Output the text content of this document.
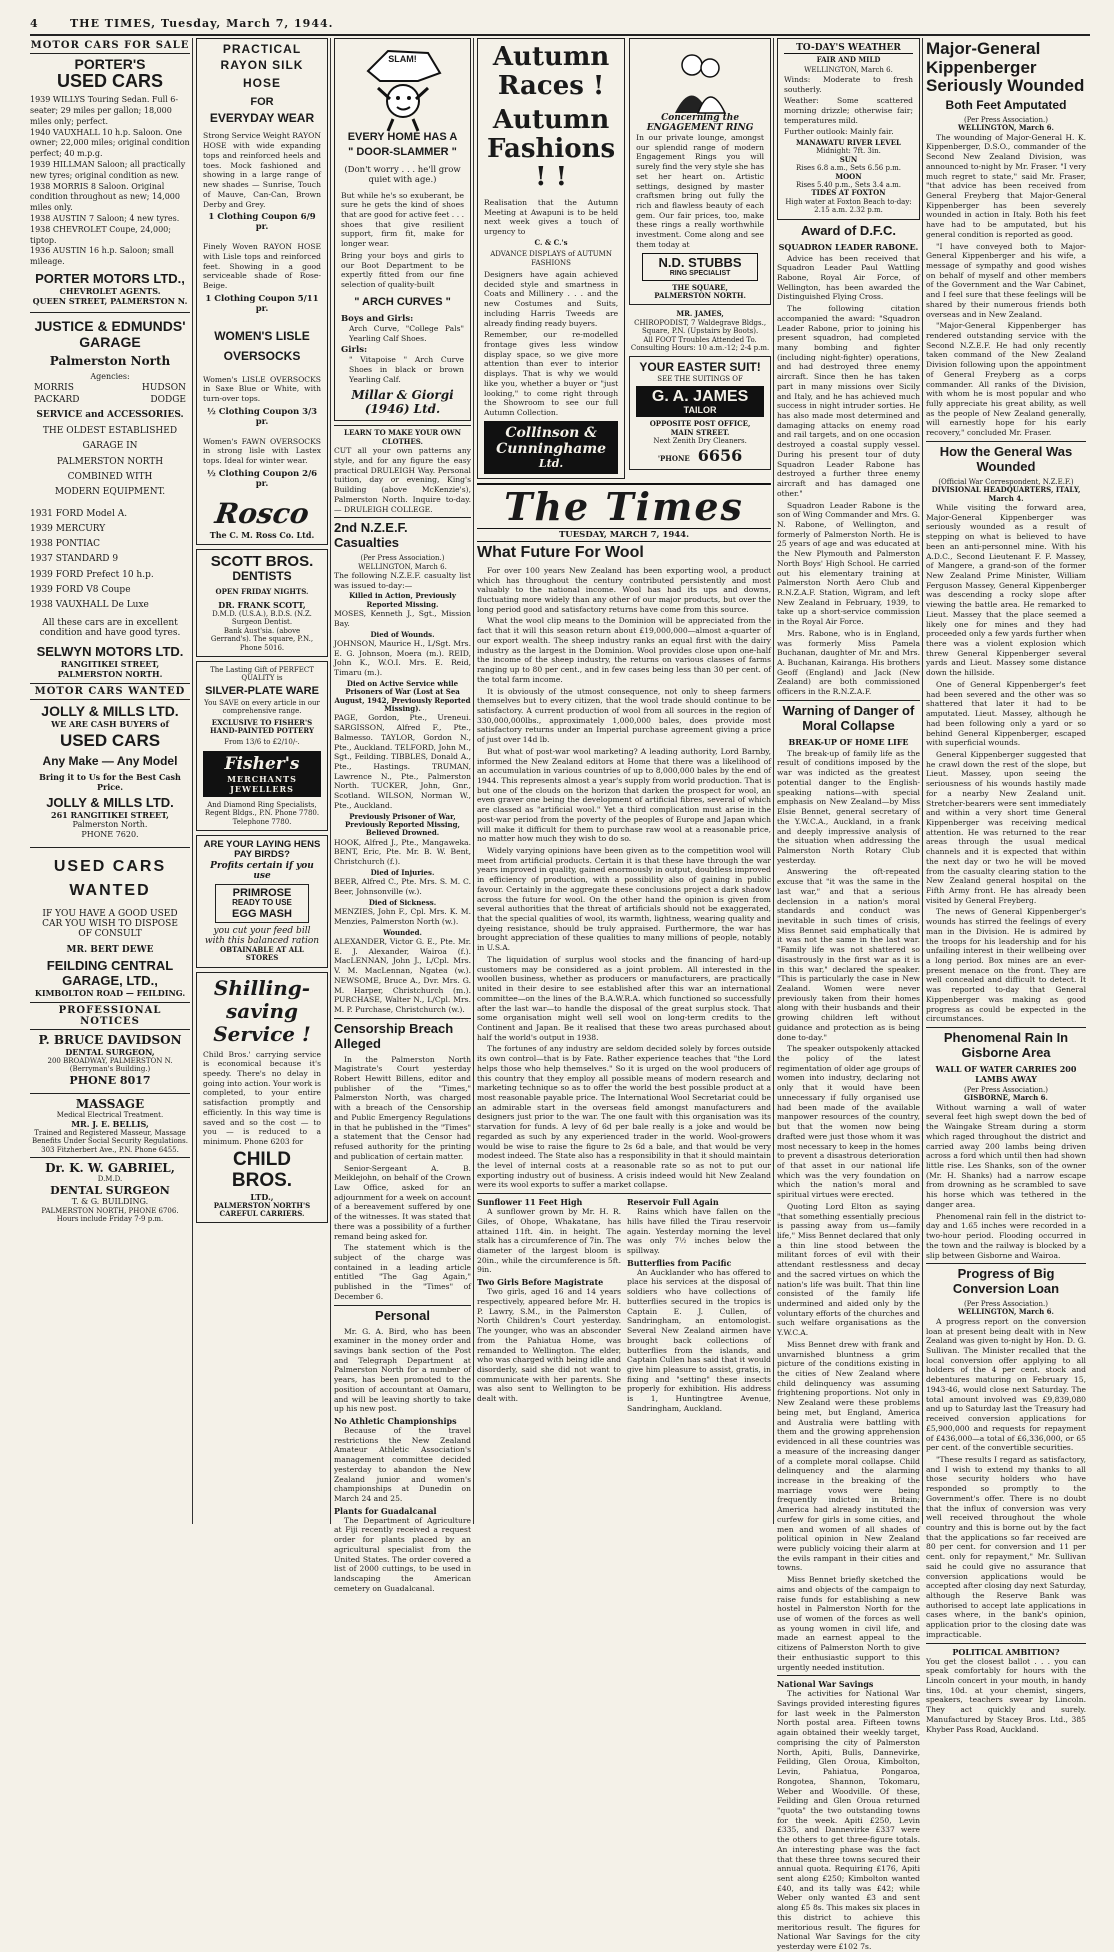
4	THE TIMES, Tuesday, March 7, 1944.
MOTOR CARS FOR SALE
PORTER'S
USED CARS
1939 WILLYS Touring Sedan. Full 6-seater; 29 miles per gallon; 18,000 miles only; perfect.
1940 VAUXHALL 10 h.p. Saloon. One owner; 22,000 miles; original condition perfect; 40 m.p.g.
1939 HILLMAN Saloon; all practically new tyres; original condition as new.
1938 MORRIS 8 Saloon. Original condition throughout as new; 14,000 miles only.
1938 AUSTIN 7 Saloon; 4 new tyres.
1938 CHEVROLET Coupe, 24,000; tiptop.
1936 AUSTIN 16 h.p. Saloon; small mileage.
PORTER MOTORS LTD.,
CHEVROLET AGENTS.
QUEEN STREET, PALMERSTON N.
JUSTICE & EDMUNDS' GARAGE
Palmerston North
Agencies:
MORRIS	HUDSON
PACKARD	DODGE
SERVICE and ACCESSORIES.
THE OLDEST ESTABLISHED
GARAGE IN
PALMERSTON NORTH
COMBINED WITH
MODERN EQUIPMENT.
1931 FORD Model A.
1939 MERCURY
1938 PONTIAC
1937 STANDARD 9
1939 FORD Prefect 10 h.p.
1939 FORD V8 Coupe
1938 VAUXHALL De Luxe
All these cars are in excellent condition and have good tyres.
SELWYN MOTORS LTD.
RANGITIKEI STREET,
PALMERSTON NORTH.
MOTOR CARS WANTED
JOLLY & MILLS LTD.
WE ARE CASH BUYERS of
USED CARS
Any Make — Any Model
Bring it to Us for the Best Cash Price.
JOLLY & MILLS LTD.
261 RANGITIKEI STREET,
Palmerston North.
PHONE 7620.
USED CARS WANTED
IF YOU HAVE A GOOD USED CAR YOU WISH TO DISPOSE OF CONSULT
MR. BERT DEWE
FEILDING CENTRAL GARAGE, LTD.,
KIMBOLTON ROAD — FEILDING.
PROFESSIONAL NOTICES
P. BRUCE DAVIDSON
DENTAL SURGEON,
200 BROADWAY, PALMERSTON N. (Berryman's Building.)
PHONE 8017
MASSAGE
Medical Electrical Treatment.
MR. J. E. BELLIS,
Trained and Registered Masseur, Massage Benefits Under Social Security Regulations.
303 Fitzherbert Ave., P.N. Phone 6455.
Dr. K. W. GABRIEL,
D.M.D.
DENTAL SURGEON
T. & G. BUILDING.
PALMERSTON NORTH, PHONE 6706.
Hours include Friday 7-9 p.m.
PRACTICAL
RAYON SILK HOSE
FOR
EVERYDAY WEAR

Strong Service Weight RAYON HOSE with wide expanding tops and reinforced heels and toes. Mock fashioned and showing in a large range of new shades — Sunrise, Touch of Mauve, Can-Can, Brown Derby and Grey.

1 Clothing Coupon 6/9 pr.

Finely Woven RAYON HOSE with Lisle tops and reinforced feet. Showing in a good serviceable shade of Rose-Beige.

1 Clothing Coupon 5/11 pr.
WOMEN'S LISLE OVERSOCKS

Women's LISLE OVERSOCKS in Saxe Blue or White, with turn-over tops.

½ Clothing Coupon 3/3 pr.

Women's FAWN OVERSOCKS in strong lisle with Lastex tops. Ideal for winter wear.

½ Clothing Coupon 2/6 pr.
Rosco
The C. M. Ross Co. Ltd.
SCOTT BROS.
DENTISTS
OPEN FRIDAY NIGHTS.
DR. FRANK SCOTT,
D.M.D. (U.S.A.), B.D.S. (N.Z.
Surgeon Dentist.
Bank Aust'sia. (above Gerrand's). The square, P.N., Phone 5016.
The Lasting Gift of PERFECT QUALITY is
SILVER-PLATE WARE
You SAVE on every article in our comprehensive range.
EXCLUSIVE TO FISHER'S HAND-PAINTED POTTERY
From 13/6 to £2/10/-.
Fisher's
MERCHANTS
JEWELLERS
And Diamond Ring Specialists, Regent Bldgs., P.N. Phone 7780. Telephone 7780.
ARE YOUR LAYING HENS
PAY BIRDS?
Profits certain if you use
PRIMROSE
READY TO USE
EGG MASH
you cut your feed bill
with this balanced ration
OBTAINABLE AT ALL STORES
Shilling-
saving
Service !

Child Bros.' carrying service is economical because it's speedy. There's no delay in going into action. Your work is completed, to your entire satisfaction promptly and efficiently. In this way time is saved and so the cost — to you — is reduced to a minimum. Phone 6203 for

CHILD BROS.
LTD.,
PALMERSTON NORTH'S CAREFUL CARRIERS.
SLAM!
EVERY HOME HAS A
" DOOR-SLAMMER "
(Don't worry . . . he'll grow quiet with age.)

But while he's so exuberant, be sure he gets the kind of shoes that are good for active feet . . . shoes that give resilient support, firm fit, make for longer wear.

Bring your boys and girls to our Boot Department to be expertly fitted from our fine selection of quality-built

" ARCH CURVES "
Boys and Girls:

Arch Curve, "College Pals" Yearling Calf Shoes.

Girls:

" Vitapoise " Arch Curve Shoes in black or brown Yearling Calf.

Millar & Giorgi (1946) Ltd.
LEARN TO MAKE YOUR OWN CLOTHES.

CUT all your own patterns any style, and for any figure the easy practical DRULEIGH Way. Personal tuition, day or evening, King's Building (above McKenzie's), Palmerston North. Inquire to-day. — DRULEIGH COLLEGE.

2nd N.Z.E.F. Casualties
(Per Press Association.)
WELLINGTON, March 6.

The following N.Z.E.F. casualty list was issued to-day:—

Killed in Action, Previously Reported Missing.

MOSES, Kenneth J., Sgt., Mission Bay.

Died of Wounds.

JOHNSON, Maurice H., L/Sgt. Mrs. E. G. Johnson, Moera (m.). REID, John K., W.O.I. Mrs. E. Reid, Timaru (m.).

Died on Active Service while Prisoners of War (Lost at Sea August, 1942, Previously Reported Missing).

PAGE, Gordon, Pte., Ureneui. SARGISSON, Alfred F., Pte., Balmesso. TAYLOR, Gordon N., Pte., Auckland. TELFORD, John M., Sgt., Feilding. TIBBLES, Donald A., Pte., Hastings. TRUMAN, Lawrence N., Pte., Palmerston North. TUCKER, John, Gnr., Scotland. WILSON, Norman W., Pte., Auckland.

Previously Prisoner of War, Previously Reported Missing, Believed Drowned.

HOOK, Alfred J., Pte., Mangaweka. BENT, Eric, Pte. Mr. B. W. Bent, Christchurch (f.).

Died of Injuries.

BEER, Alfred C., Pte. Mrs. S. M. C. Beer, Johnsonville (w.).

Died of Sickness.

MENZIES, John F., Cpl. Mrs. K. M. Menzies, Palmerston North (w.).

Wounded.

ALEXANDER, Victor G. E., Pte. Mr. E. J. Alexander, Wairoa (f.). MacLENNAN, John J., L/Cpl. Mrs. V. M. MacLennan, Ngatea (w.). NEWSOME, Bruce A., Dvr. Mrs. G. M. Harper, Christchurch (m.). PURCHASE, Walter N., L/Cpl. Mrs. M. P. Purchase, Christchurch (w.).

Censorship Breach Alleged

In the Palmerston North Magistrate's Court yesterday Robert Hewitt Billens, editor and publisher of the "Times," Palmerston North, was charged with a breach of the Censorship and Public Emergency Regulations in that he published in the "Times" a statement that the Censor had refused authority for the printing and publication of certain matter.

Senior-Sergeant A. B. Meiklejohn, on behalf of the Crown Law Office, asked for an adjournment for a week on account of a bereavement suffered by one of the witnesses. It was stated that there was a possibility of a further remand being asked for.

The statement which is the subject of the charge was contained in a leading article entitled "The Gag Again," published in the "Times" of December 6.

Personal

Mr. G. A. Bird, who has been examiner in the money order and savings bank section of the Post and Telegraph Department at Palmerston North for a number of years, has been promoted to the position of accountant at Oamaru, and will be leaving shortly to take up his new post.

No Athletic Championships

Because of the travel restrictions the New Zealand Amateur Athletic Association's management committee decided yesterday to abandon the New Zealand junior and women's championships at Dunedin on March 24 and 25.

Plants for Guadalcanal

The Department of Agriculture at Fiji recently received a request order for plants placed by an agricultural specialist from the United States. The order covered a list of 2000 cuttings, to be used in landscaping the American cemetery on Guadalcanal.

Autumn Races !
Autumn Fashions ! !

Realisation that the Autumn Meeting at Awapuni is to be held next week gives a touch of urgency to

C. & C.'s
ADVANCE DISPLAYS of AUTUMN FASHIONS

Designers have again achieved decided style and smartness in Coats and Millinery . . . and the new Costumes and Suits, including Harris Tweeds are already finding ready buyers.

Remember, our re-modelled frontage gives less window display space, so we give more attention than ever to interior displays. That is why we would like you, whether a buyer or "just looking," to come right through the Showroom to see our full Autumn Collection.

Collinson &
Cunninghame
Ltd.
Concerning the ENGAGEMENT RING

In our private lounge, amongst our splendid range of modern Engagement Rings you will surely find the very style she has set her heart on. Artistic settings, designed by master craftsmen bring out fully the rich and flawless beauty of each gem. Our fair prices, too, make these rings a really worthwhile investment. Come along and see them today at

N.D. STUBBS
RING SPECIALIST
THE SQUARE,
PALMERSTON NORTH.
MR. JAMES,
CHIROPODIST, 7 Waldegrave Bldgs., Square, P.N. (Upstairs by Boots).
All FOOT Troubles Attended To.
Consulting Hours: 10 a.m.-12; 2-4 p.m.
YOUR EASTER SUIT!
SEE THE SUITINGS OF
G. A. JAMES
TAILOR
OPPOSITE POST OFFICE,
MAIN STREET.
Next Zenith Dry Cleaners.
'PHONE 6656
The Times
TUESDAY, MARCH 7, 1944.
What Future For Wool

For over 100 years New Zealand has been exporting wool, a product which has throughout the century contributed persistently and most valuably to the national income. Wool has had its ups and downs, fluctuating more widely than any other of our major products, but over the long period good and satisfactory returns have come from this source.

What the wool clip means to the Dominion will be appreciated from the fact that it will this season return about £19,000,000—almost a-quarter of our export wealth. The sheep industry ranks an equal first with the dairy industry as the largest in the Dominion. Wool provides close upon one-half the income of the sheep industry, the returns on various classes of farms ranging up to 80 per cent., and in few cases being less than 30 per cent. of the total farm income.

It is obviously of the utmost consequence, not only to sheep farmers themselves but to every citizen, that the wool trade should continue to be satisfactory. A current production of wool from all sources in the region of 330,000,000lbs., approximately 1,000,000 bales, does provide most satisfactory returns under an Imperial purchase agreement giving a price of just over 14d lb.

But what of post-war wool marketing? A leading authority, Lord Barnby, informed the New Zealand editors at Home that there was a likelihood of an accumulation in various countries of up to 8,000,000 bales by the end of 1944. This represents almost a year's supply from world production. That is but one of the clouds on the horizon that darken the prospect for wool, an even graver one being the development of artificial fibres, several of which are classed as "artificial wool." Yet a third complication must arise in the post-war period from the poverty of the peoples of Europe and Japan which will make it difficult for them to purchase raw wool at a reasonable price, no matter how much they wish to do so.

Widely varying opinions have been given as to the competition wool will meet from artificial products. Certain it is that these have through the war years improved in quality, gained enormously in output, doubtless improved in efficiency of production, with a possibility also of gaining in public favour. Certainly in the aggregate these conclusions project a dark shadow across the future for wool. On the other hand the opinion is given from several authorities that the threat of artificials should not be exaggerated, that the special qualities of wool, its warmth, lightness, wearing quality and dyeing resistance, should be truly appraised. Furthermore, the war has brought appreciation of these qualities to many millions of people, notably in U.S.A.

The liquidation of surplus wool stocks and the financing of hard-up customers may be considered as a joint problem. All interested in the woollen business, whether as producers or manufacturers, are practically united in their desire to see established after this war an international committee—on the lines of the B.A.W.R.A. which functioned so successfully after the last war—to handle the disposal of the great surplus stock. That some organisation might well sell wool on long-term credits to the Continent and Japan. Be it realised that these two areas purchased about half the world's output in 1938.

The fortunes of any industry are seldom decided solely by forces outside its own control—that is by Fate. Rather experience teaches that "the Lord helps those who help themselves." So it is urged on the wool producers of this country that they employ all possible means of modern research and marketing technique so as to offer the world the best possible product at a most reasonable payable price. The International Wool Secretariat could be an admirable start in the overseas field amongst manufacturers and designers just prior to the war. The one fault with this organisation was its starvation for funds. A levy of 6d per bale really is a joke and would be regarded as such by any experienced trader in the world. Wool-growers would be wise to raise the figure to 2s 6d a bale, and that would be very modest indeed. The State also has a responsibility in that it should maintain the level of internal costs at a reasonable rate so as not to put our exporting industry out of business. A crisis indeed would hit New Zealand were its wool exports to suffer a market collapse.

Sunflower 11 Feet High

A sunflower grown by Mr. H. R. Giles, of Ohope, Whakatane, has attained 11ft. 4in. in height. The stalk has a circumference of 7in. The diameter of the largest bloom is 20in., while the circumference is 5ft. 9in.

Two Girls Before Magistrate

Two girls, aged 16 and 14 years respectively, appeared before Mr. H. P. Lawry, S.M., in the Palmerston North Children's Court yesterday. The younger, who was an absconder from the Pahiatua Home, was remanded to Wellington. The elder, who was charged with being idle and disorderly, said she did not want to communicate with her parents. She was also sent to Wellington to be dealt with.

Reservoir Full Again

Rains which have fallen on the hills have filled the Tirau reservoir again. Yesterday morning the level was only 7½ inches below the spillway.

Butterflies from Pacific

An Aucklander who has offered to place his services at the disposal of soldiers who have collections of butterflies secured in the tropics is Captain E. J. Cullen, of Sandringham, an entomologist. Several New Zealand airmen have brought back collections of butterflies from the islands, and Captain Cullen has said that it would give him pleasure to assist, gratis, in fixing and "setting" these insects properly for exhibition. His address is 1, Huntingtree Avenue, Sandringham, Auckland.

TO-DAY'S WEATHER
FAIR AND MILD
WELLINGTON, March 6.

Winds: Moderate to fresh southerly.

Weather: Some scattered morning drizzle; otherwise fair; temperatures mild.

Further outlook: Mainly fair.

MANAWATU RIVER LEVEL
Midnight: 7ft. 3in.
SUN
Rises 6.8 a.m., Sets 6.56 p.m.
MOON
Rises 5.40 p.m., Sets 3.4 a.m.
TIDES AT FOXTON
High water at Foxton Beach to-day:
2.15 a.m. 2.32 p.m.
Award of D.F.C.
SQUADRON LEADER RABONE.

Advice has been received that Squadron Leader Paul Wattling Rabone, Royal Air Force, of Wellington, has been awarded the Distinguished Flying Cross.

The following citation accompanied the award: "Squadron Leader Rabone, prior to joining his present squadron, had completed many bombing and fighter (including night-fighter) operations, and had destroyed three enemy aircraft. Since then he has taken part in many missions over Sicily and Italy, and he has achieved much success in night intruder sorties. He has also made most determined and damaging attacks on enemy road and rail targets, and on one occasion destroyed a coastal supply vessel. During his present tour of duty Squadron Leader Rabone has destroyed a further three enemy aircraft and has damaged one other."

Squadron Leader Rabone is the son of Wing Commander and Mrs. G. N. Rabone, of Wellington, and formerly of Palmerston North. He is 25 years of age and was educated at the New Plymouth and Palmerston North Boys' High School. He carried out his elementary training at Palmerston North Aero Club and R.N.Z.A.F. Station, Wigram, and left New Zealand in February, 1939, to take up a short-service commission in the Royal Air Force.

Mrs. Rabone, who is in England, was formerly Miss Pamela Buchanan, daughter of Mr. and Mrs. A. Buchanan, Kairanga. His brothers Geoff (England) and Jack (New Zealand) are both commissioned officers in the R.N.Z.A.F.

Warning of Danger of Moral Collapse
BREAK-UP OF HOME LIFE

The break-up of family life as the result of conditions imposed by the war was indicted as the greatest potential danger to the English-speaking nations—with special emphasis on New Zealand—by Miss Elsie Bennet, general secretary of the Y.W.C.A., Auckland, in a frank and deeply impressive analysis of the situation when addressing the Palmerston North Rotary Club yesterday.

Answering the oft-repeated excuse that "it was the same in the last war," and that a serious declension in a nation's moral standards and conduct was inevitable in such times of crisis, Miss Bennet said emphatically that it was not the same in the last war. "Family life was not shattered so disastrously in the first war as it is in this war," declared the speaker. "This is particularly the case in New Zealand. Women were never previously taken from their homes along with their husbands and their growing children left without guidance and protection as is being done to-day."

The speaker outspokenly attacked the policy of the latest regimentation of older age groups of women into industry, declaring not only that it would have been unnecessary if fully organised use had been made of the available manpower resources of the country, but that the women now being drafted were just those whom it was most necessary to keep in the homes to prevent a disastrous deterioration of that asset in our national life which was the very foundation on which the nation's moral and spiritual virtues were erected.

Quoting Lord Elton as saying "that something essentially precious is passing away from us—family life," Miss Bennet declared that only a thin line stood between the militant forces of evil with their attendant restlessness and decay and the sacred virtues on which the nation's life was built. That thin line consisted of the family life undermined and aided only by the voluntary efforts of the churches and such welfare organisations as the Y.W.C.A.

Miss Bennet drew with frank and unvarnished bluntness a grim picture of the conditions existing in the cities of New Zealand where child delinquency was assuming frightening proportions. Not only in New Zealand were these problems being met, but England, America and Australia were battling with them and the growing apprehension evidenced in all these countries was a measure of the increasing danger of a complete moral collapse. Child delinquency and the alarming increase in the breaking of the marriage vows were being frequently indicted in Britain; America had already instituted the curfew for girls in some cities, and men and women of all shades of political opinion in New Zealand were publicly voicing their alarm at the evils rampant in their cities and towns.

Miss Bennet briefly sketched the aims and objects of the campaign to raise funds for establishing a new hostel in Palmerston North for the use of women of the forces as well as young women in civil life, and made an earnest appeal to the citizens of Palmerston North to give their enthusiastic support to this urgently needed institution.

National War Savings

The activities for National War Savings provided interesting figures for last week in the Palmerston North postal area. Fifteen towns again obtained their weekly target, comprising the city of Palmerston North, Apiti, Bulls, Dannevirke, Feilding, Glen Oroua, Kimbolton, Levin, Pahiatua, Pongaroa, Rongotea, Shannon, Tokomaru, Weber and Woodville. Of these, Feilding and Glen Oroua returned "quota" the two outstanding towns for the week. Apiti £250, Levin £335, and Dannevirke £337 were the others to get three-figure totals. An interesting phase was the fact that these three towns secured their annual quota. Requiring £176, Apiti sent along £250; Kimbolton wanted £40, and its tally was £42; while Weber only wanted £3 and sent along £5 8s. This makes six places in this district to achieve this meritorious result. The figures for National War Savings for the city yesterday were £102 7s.

Major-General Kippenberger Seriously Wounded
Both Feet Amputated
(Per Press Association.)
WELLINGTON, March 6.

The wounding of Major-General H. K. Kippenberger, D.S.O., commander of the Second New Zealand Division, was announced to-night by Mr. Fraser. "I very much regret to state," said Mr. Fraser, "that advice has been received from General Freyberg that Major-General Kippenberger has been severely wounded in action in Italy. Both his feet have had to be amputated, but his general condition is reported as good.

"I have conveyed both to Major-General Kippenberger and his wife, a message of sympathy and good wishes on behalf of myself and other members of the Government and the War Cabinet, and I feel sure that these feelings will be shared by their numerous friends both overseas and in New Zealand.

"Major-General Kippenberger has rendered outstanding service with the Second N.Z.E.F. He had only recently taken command of the New Zealand Division following upon the appointment of General Freyberg as a corps commander. All ranks of the Division, with whom he is most popular and who fully appreciate his great ability, as well as the people of New Zealand generally, will earnestly hope for his early recovery," concluded Mr. Fraser.

How the General Was Wounded
(Official War Correspondent, N.Z.E.F.)
DIVISIONAL HEADQUARTERS, ITALY, March 4.

While visiting the forward area, Major-General Kippenberger was seriously wounded as a result of stepping on what is believed to have been an anti-personnel mine. With his A.D.C., Second Lieutenant F. F. Massey, of Mangere, a grand-son of the former New Zealand Prime Minister, William Ferguson Massey, General Kippenberger was descending a rocky slope after viewing the battle area. He remarked to Lieut. Massey that the place seemed a likely one for mines and they had proceeded only a few yards further when there was a violent explosion which threw General Kippenberger several yards and Lieut. Massey some distance down the hillside.

One of General Kippenberger's feet had been severed and the other was so shattered that later it had to be amputated. Lieut. Massey, although he had been following only a yard or so behind General Kippenberger, escaped with superficial wounds.

General Kippenberger suggested that he crawl down the rest of the slope, but Lieut. Massey, upon seeing the seriousness of his wounds hastily made for a nearby New Zealand unit. Stretcher-bearers were sent immediately and within a very short time General Kippenberger was receiving medical attention. He was returned to the rear areas through the usual medical channels and it is expected that within the next day or two he will be moved from the casualty clearing station to the New Zealand general hospital on the Fifth Army front. He has already been visited by General Freyberg.

The news of General Kippenberger's wounds has stirred the feelings of every man in the Division. He is admired by the troops for his leadership and for his unfailing interest in their wellbeing over a long period. Box mines are an ever-present menace on the front. They are well concealed and difficult to detect. It was reported to-day that General Kippenberger was making as good progress as could be expected in the circumstances.

Phenomenal Rain In Gisborne Area
WALL OF WATER CARRIES 200 LAMBS AWAY
(Per Press Association.)
GISBORNE, March 6.

Without warning a wall of water several feet high swept down the bed of the Waingake Stream during a storm which raged throughout the district and carried away 200 lambs being driven across a ford which until then had shown little rise. Les Shanks, son of the owner (Mr. H. Shanks) had a narrow escape from drowning as he scrambled to save his horse which was tethered in the danger area.

Phenomenal rain fell in the district to-day and 1.65 inches were recorded in a two-hour period. Flooding occurred in the town and the railway is blocked by a slip between Gisborne and Wairoa.

Progress of Big Conversion Loan
(Per Press Association.)
WELLINGTON, March 6.

A progress report on the conversion loan at present being dealt with in New Zealand was given to-night by Hon. D. G. Sullivan. The Minister recalled that the local conversion offer applying to all holders of the 4 per cent. stock and debentures maturing on February 15, 1943-46, would close next Saturday. The total amount involved was £9,839,080 and up to Saturday last the Treasury had received conversion applications for £5,900,000 and requests for repayment of £436,000—a total of £6,336,000, or 65 per cent. of the convertible securities.

"These results I regard as satisfactory, and I wish to extend my thanks to all those security holders who have responded so promptly to the Government's offer. There is no doubt that the influx of conversion was very well received throughout the whole country and this is borne out by the fact that the applications so far received are 80 per cent. for conversion and 11 per cent. only for repayment," Mr. Sullivan said he could give no assurance that conversion applications would be accepted after closing day next Saturday, although the Reserve Bank was authorised to accept late applications in cases where, in the bank's opinion, application prior to the closing date was impracticable.

POLITICAL AMBITION?

You get the closest ballot . . . you can speak comfortably for hours with the Lincoln concert in your mouth, in handy tins, 10d. at your chemist, singers, speakers, teachers swear by Lincoln. They act quickly and surely. Manufactured by Stacey Bros. Ltd., 385 Khyber Pass Road, Auckland.
